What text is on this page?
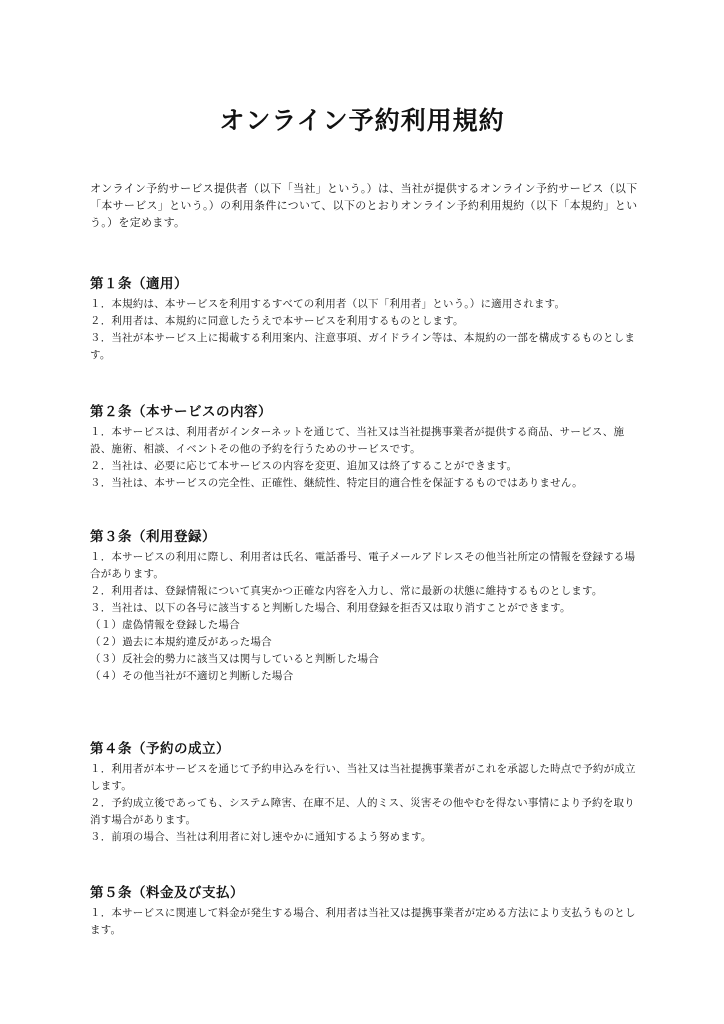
オンライン予約利用規約
オンライン予約サービス提供者（以下「当社」という。）は、当社が提供するオンライン予約サービス（以下「本サービス」という。）の利用条件について、以下のとおりオンライン予約利用規約（以下「本規約」という。）を定めます。
第１条（適用）

１．本規約は、本サービスを利用するすべての利用者（以下「利用者」という。）に適用されます。

２．利用者は、本規約に同意したうえで本サービスを利用するものとします。

３．当社が本サービス上に掲載する利用案内、注意事項、ガイドライン等は、本規約の一部を構成するものとします。

第２条（本サービスの内容）

１．本サービスは、利用者がインターネットを通じて、当社又は当社提携事業者が提供する商品、サービス、施設、施術、相談、イベントその他の予約を行うためのサービスです。

２．当社は、必要に応じて本サービスの内容を変更、追加又は終了することができます。

３．当社は、本サービスの完全性、正確性、継続性、特定目的適合性を保証するものではありません。

第３条（利用登録）

１．本サービスの利用に際し、利用者は氏名、電話番号、電子メールアドレスその他当社所定の情報を登録する場合があります。

２．利用者は、登録情報について真実かつ正確な内容を入力し、常に最新の状態に維持するものとします。

３．当社は、以下の各号に該当すると判断した場合、利用登録を拒否又は取り消すことができます。

（１）虚偽情報を登録した場合

（２）過去に本規約違反があった場合

（３）反社会的勢力に該当又は関与していると判断した場合

（４）その他当社が不適切と判断した場合

第４条（予約の成立）

１．利用者が本サービスを通じて予約申込みを行い、当社又は当社提携事業者がこれを承認した時点で予約が成立します。

２．予約成立後であっても、システム障害、在庫不足、人的ミス、災害その他やむを得ない事情により予約を取り消す場合があります。

３．前項の場合、当社は利用者に対し速やかに通知するよう努めます。

第５条（料金及び支払）

１．本サービスに関連して料金が発生する場合、利用者は当社又は提携事業者が定める方法により支払うものとします。
